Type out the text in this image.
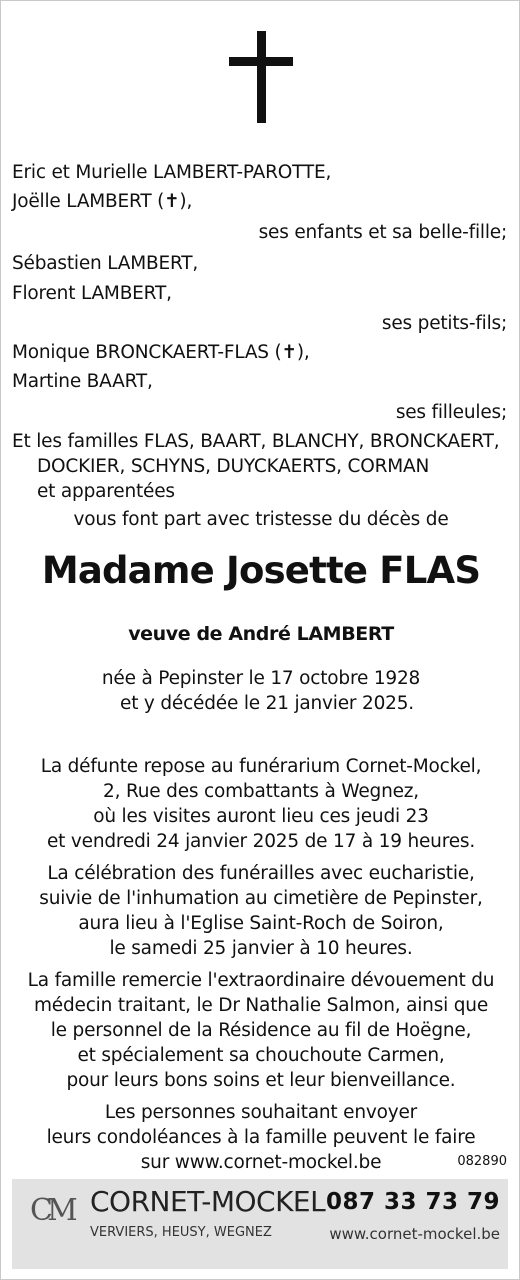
Eric et Murielle LAMBERT-PAROTTE,
Joëlle LAMBERT (✝),
ses enfants et sa belle-fille;
Sébastien LAMBERT,
Florent LAMBERT,
ses petits-fils;
Monique BRONCKAERT-FLAS (✝),
Martine BAART,
ses filleules;
Et les familles FLAS, BAART, BLANCHY, BRONCKAERT,
DOCKIER, SCHYNS, DUYCKAERTS, CORMAN
et apparentées
vous font part avec tristesse du décès de
Madame Josette FLAS
veuve de André LAMBERT
née à Pepinster le 17 octobre 1928
et y décédée le 21 janvier 2025.
La défunte repose au funérarium Cornet-Mockel,
2, Rue des combattants à Wegnez,
où les visites auront lieu ces jeudi 23
et vendredi 24 janvier 2025 de 17 à 19 heures.
La célébration des funérailles avec eucharistie,
suivie de l'inhumation au cimetière de Pepinster,
aura lieu à l'Eglise Saint-Roch de Soiron,
le samedi 25 janvier à 10 heures.
La famille remercie l'extraordinaire dévouement du
médecin traitant, le Dr Nathalie Salmon, ainsi que
le personnel de la Résidence au fil de Hoëgne,
et spécialement sa chouchoute Carmen,
pour leurs bons soins et leur bienveillance.
Les personnes souhaitant envoyer
leurs condoléances à la famille peuvent le faire
sur www.cornet-mockel.be	082890
CM CORNET-MOCKEL 087 33 73 79
VERVIERS, HEUSY, WEGNEZ	www.cornet-mockel.be
